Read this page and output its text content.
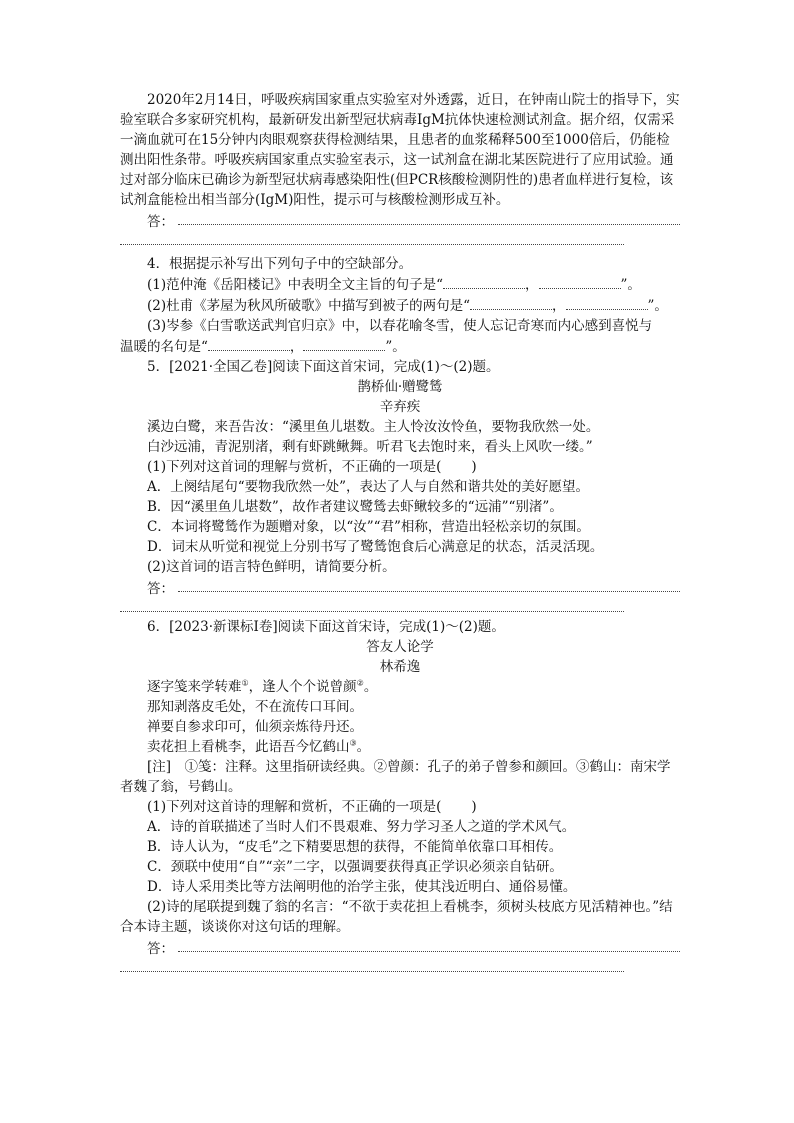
2020年2月14日，呼吸疾病国家重点实验室对外透露，近日，在钟南山院士的指导下，实验室联合多家研究机构，最新研发出新型冠状病毒IgM抗体快速检测试剂盒。据介绍，仅需采一滴血就可在15分钟内肉眼观察获得检测结果，且患者的血浆稀释500至1000倍后，仍能检测出阳性条带。呼吸疾病国家重点实验室表示，这一试剂盒在湖北某医院进行了应用试验。通过对部分临床已确诊为新型冠状病毒感染阳性(但PCR核酸检测阴性的)患者血样进行复检，该试剂盒能检出相当部分(IgM)阳性，提示可与核酸检测形成互补。

答：

4．根据提示补写出下列句子中的空缺部分。

(1)范仲淹《岳阳楼记》中表明全文主旨的句子是“	，	”。

(2)杜甫《茅屋为秋风所破歌》中描写到被子的两句是“	，	”。

(3)岑参《白雪歌送武判官归京》中，以春花喻冬雪，使人忘记奇寒而内心感到喜悦与

温暖的名句是“	，	”。

5．[2021·全国乙卷]阅读下面这首宋词，完成(1)～(2)题。

鹊桥仙·赠鹭鸶

辛弃疾

溪边白鹭，来吾告汝：“溪里鱼儿堪数。主人怜汝汝怜鱼，要物我欣然一处。

白沙远浦，青泥别渚，剩有虾跳鳅舞。听君飞去饱时来，看头上风吹一缕。”

(1)下列对这首词的理解与赏析，不正确的一项是( )

A．上阕结尾句“要物我欣然一处”，表达了人与自然和谐共处的美好愿望。

B．因“溪里鱼儿堪数”，故作者建议鹭鸶去虾鳅较多的“远浦”“别渚”。

C．本词将鹭鸶作为题赠对象，以“汝”“君”相称，营造出轻松亲切的氛围。

D．词末从听觉和视觉上分别书写了鹭鸶饱食后心满意足的状态，活灵活现。

(2)这首词的语言特色鲜明，请简要分析。

答：

6．[2023·新课标Ⅰ卷]阅读下面这首宋诗，完成(1)～(2)题。

答友人论学

林希逸

逐字笺来学转难①，逢人个个说曾颜②。

那知剥落皮毛处，不在流传口耳间。

禅要自参求印可，仙须亲炼待丹还。

卖花担上看桃李，此语吾今忆鹤山③。

[注]　①笺：注释。这里指研读经典。②曾颜：孔子的弟子曾参和颜回。③鹤山：南宋学者魏了翁，号鹤山。

(1)下列对这首诗的理解和赏析，不正确的一项是( )

A．诗的首联描述了当时人们不畏艰难、努力学习圣人之道的学术风气。

B．诗人认为，“皮毛”之下精要思想的获得，不能简单依靠口耳相传。

C．颈联中使用“自”“亲”二字，以强调要获得真正学识必须亲自钻研。

D．诗人采用类比等方法阐明他的治学主张，使其浅近明白、通俗易懂。

(2)诗的尾联提到魏了翁的名言：“不欲于卖花担上看桃李，须树头枝底方见活精神也。”结合本诗主题，谈谈你对这句话的理解。

答：
